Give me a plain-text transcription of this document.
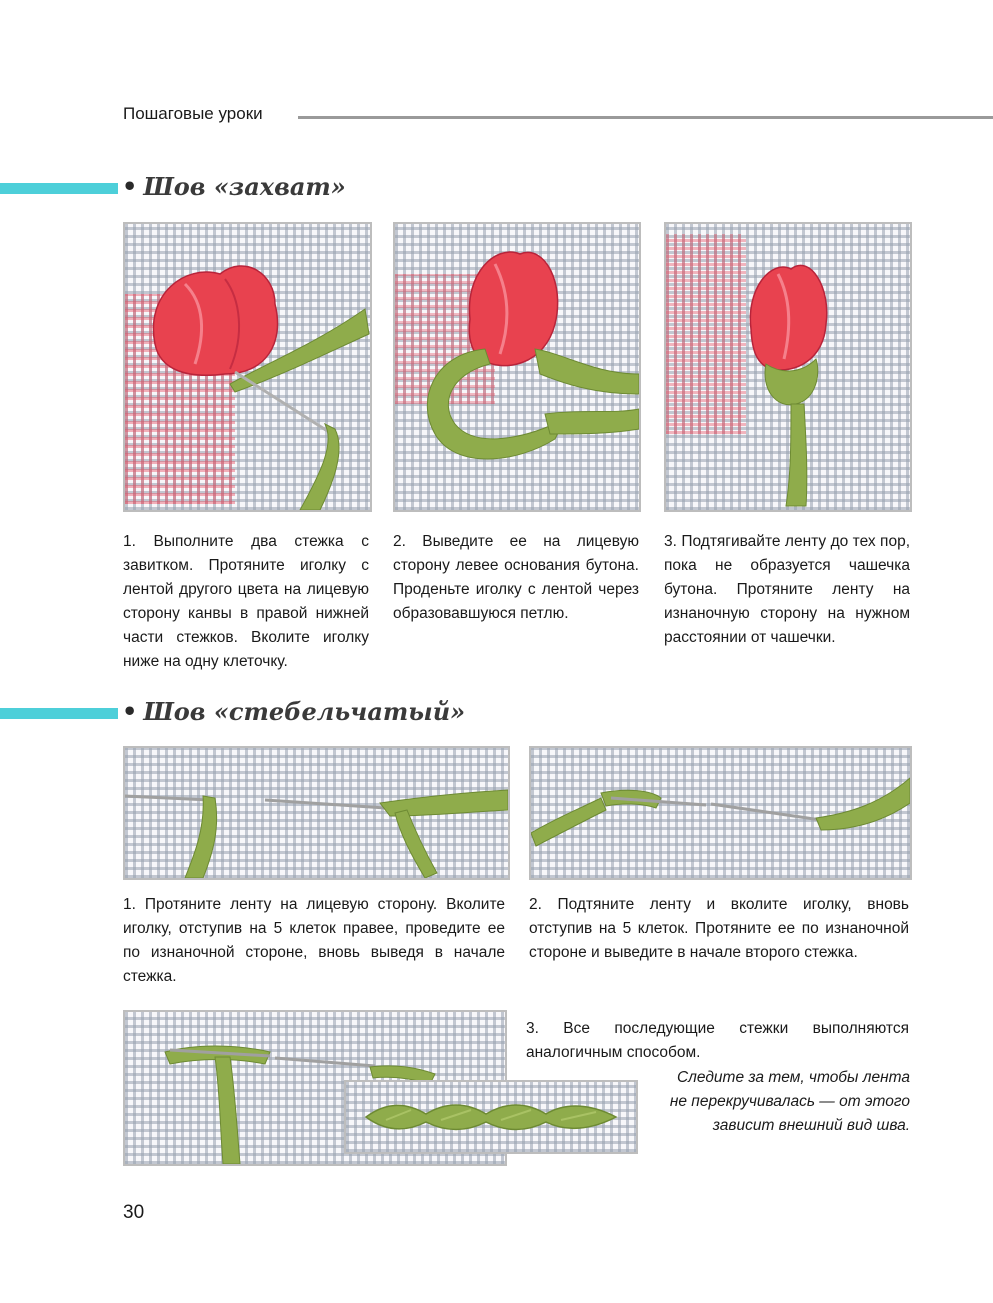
Пошаговые уроки
• Шов «захват»
1. Выполните два стежка с завитком. Протяните иголку с лентой другого цвета на лицевую сторону канвы в правой нижней части стежков. Вколите иголку ниже на одну клеточку.
2. Выведите ее на лицевую сторону левее основания бутона. Проденьте иголку с лентой через образовавшуюся петлю.
3. Подтягивайте ленту до тех пор, пока не образуется чашечка бутона. Протяните ленту на изнаночную сторону на нужном расстоянии от чашечки.
• Шов «стебельчатый»
1. Протяните ленту на лицевую сторону. Вколите иголку, отступив на 5 клеток правее, проведите ее по изнаночной стороне, вновь выведя в начале стежка.
2. Подтяните ленту и вколите иголку, вновь отступив на 5 клеток. Протяните ее по изнаночной стороне и выведите в начале второго стежка.
3. Все последующие стежки выполняются аналогичным способом.
Следите за тем, чтобы лента не перекручивалась — от этого зависит внешний вид шва.
30
